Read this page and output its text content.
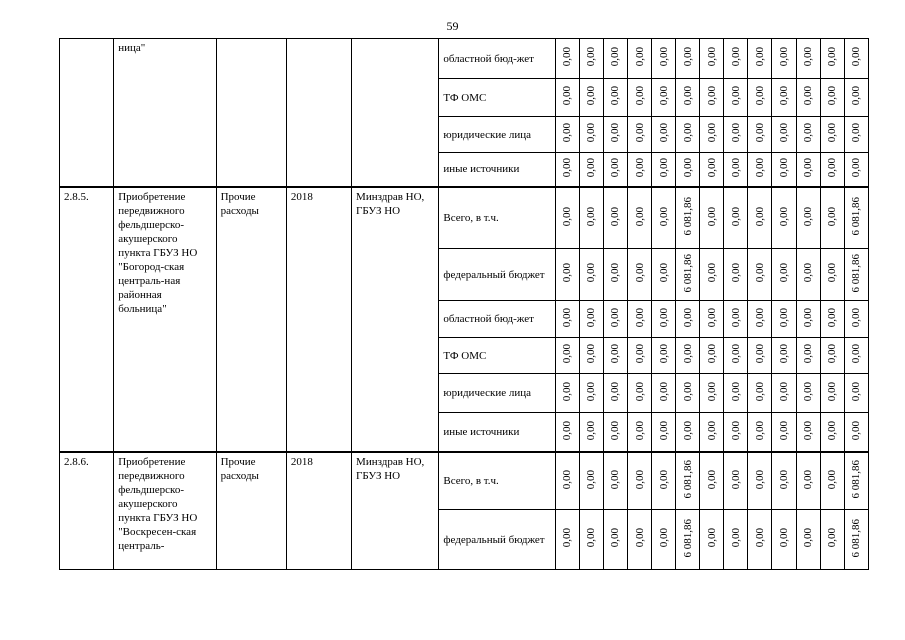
59
	ница"				областной бюд-жет	0,00	0,00	0,00	0,00	0,00	0,00	0,00	0,00	0,00	0,00	0,00	0,00	0,00
					ТФ ОМС	0,00	0,00	0,00	0,00	0,00	0,00	0,00	0,00	0,00	0,00	0,00	0,00	0,00
					юридические лица	0,00	0,00	0,00	0,00	0,00	0,00	0,00	0,00	0,00	0,00	0,00	0,00	0,00
					иные источники	0,00	0,00	0,00	0,00	0,00	0,00	0,00	0,00	0,00	0,00	0,00	0,00	0,00
2.8.5.	Приобретение передвижного фельдшерско-акушерского пункта ГБУЗ НО "Богород-ская централь-ная районная больница"	Прочие расходы	2018	Минздрав НО, ГБУЗ НО	Всего, в т.ч.	0,00	0,00	0,00	0,00	0,00	6 081,86	0,00	0,00	0,00	0,00	0,00	0,00	6 081,86
					федеральный бюджет	0,00	0,00	0,00	0,00	0,00	6 081,86	0,00	0,00	0,00	0,00	0,00	0,00	6 081,86
					областной бюд-жет	0,00	0,00	0,00	0,00	0,00	0,00	0,00	0,00	0,00	0,00	0,00	0,00	0,00
					ТФ ОМС	0,00	0,00	0,00	0,00	0,00	0,00	0,00	0,00	0,00	0,00	0,00	0,00	0,00
					юридические лица	0,00	0,00	0,00	0,00	0,00	0,00	0,00	0,00	0,00	0,00	0,00	0,00	0,00
					иные источники	0,00	0,00	0,00	0,00	0,00	0,00	0,00	0,00	0,00	0,00	0,00	0,00	0,00
2.8.6.	Приобретение передвижного фельдшерско-акушерского пункта ГБУЗ НО "Воскресен-ская централь-	Прочие расходы	2018	Минздрав НО, ГБУЗ НО	Всего, в т.ч.	0,00	0,00	0,00	0,00	0,00	6 081,86	0,00	0,00	0,00	0,00	0,00	0,00	6 081,86
					федеральный бюджет	0,00	0,00	0,00	0,00	0,00	6 081,86	0,00	0,00	0,00	0,00	0,00	0,00	6 081,86
